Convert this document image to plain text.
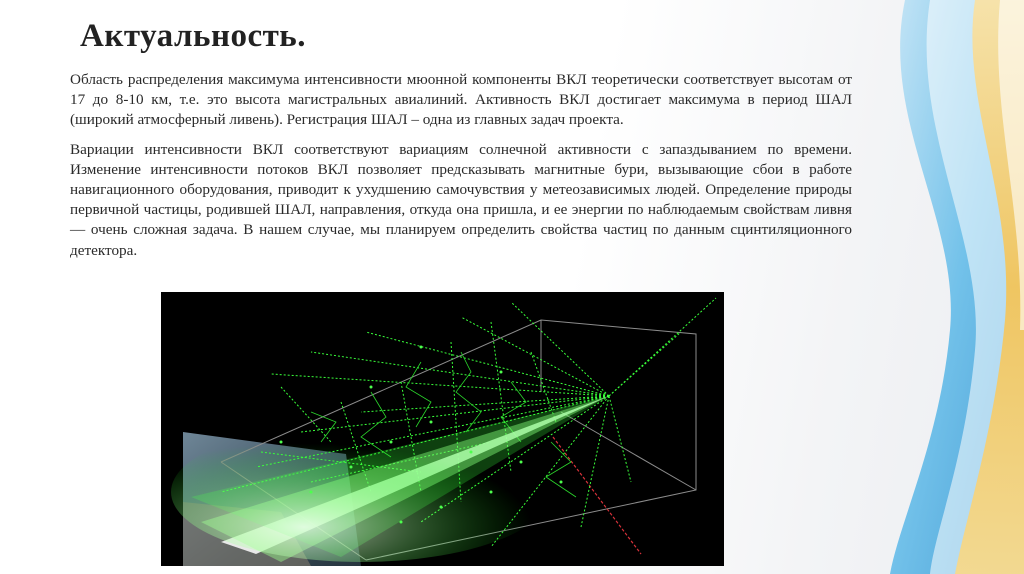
Актуальность.

Область распределения максимума интенсивности мюонной компоненты ВКЛ теоретически соответствует высотам от 17 до 8-10 км, т.е. это высота магистральных авиалиний. Активность ВКЛ достигает максимума в период ШАЛ (широкий атмосферный ливень). Регистрация ШАЛ – одна из главных задач проекта.

Вариации интенсивности ВКЛ соответствуют вариациям солнечной активности с запаздыванием по времени. Изменение интенсивности потоков ВКЛ позволяет предсказывать магнитные бури, вызывающие сбои в работе навигационного оборудования, приводит к ухудшению самочувствия у метеозависимых людей. Определение природы первичной частицы, родившей ШАЛ, направления, откуда она пришла, и ее энергии по наблюдаемым свойствам ливня — очень сложная задача. В нашем случае, мы планируем определить свойства частиц по данным сцинтиляционного детектора.
